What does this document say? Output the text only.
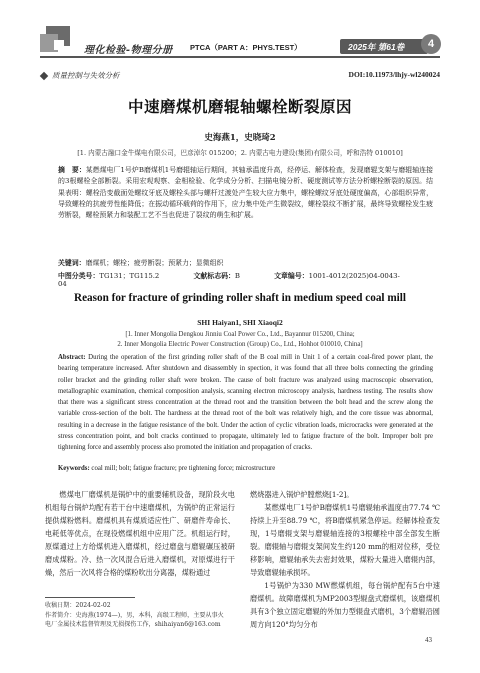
理化检验-物理分册 PTCA（PART A：PHYS.TEST）	2025年 第61卷	4
质量控制与失效分析	DOI:10.11973/lhjy-wl240024
中速磨煤机磨辊轴螺栓断裂原因
史海燕1，史晓琦2
[1. 内蒙古融口金牛煤电有限公司，巴彦淖尔 015200；2. 内蒙古电力建设(集团)有限公司，呼和浩特 010010]
摘　要：某燃煤电厂1号炉B磨煤机1号磨辊轴运行期间，其轴承温度升高，经停运、解体检查，发现磨辊支架与磨辊轴连接的3根螺栓全部断裂。采用宏观观察、金相检验、化学成分分析、扫描电镜分析、硬度测试等方法分析螺栓断裂的原因。结果表明：螺栓沿变截面处螺纹牙底及螺栓头部与螺杆过渡处产生较大应力集中，螺栓螺纹牙底处硬度偏高，心部组织异常，导致螺栓的抗疲劳性能降低；在振动循环载荷的作用下，应力集中处产生微裂纹，螺栓裂纹不断扩展，最终导致螺栓发生疲劳断裂，螺栓预紧力和装配工艺不当也促进了裂纹的萌生和扩展。
关键词：磨煤机；螺栓；疲劳断裂；预紧力；显微组织
中图分类号：TG131；TG115.2	文献标志码：B	文章编号：1001-4012(2025)04-0043-04
Reason for fracture of grinding roller shaft in medium speed coal mill
SHI Haiyan1, SHI Xiaoqi2
[1. Inner Mongolia Dengkou Jinniu Coal Power Co., Ltd., Bayannur 015200, China;
2. Inner Mongolia Electric Power Construction (Group) Co., Ltd., Hohhot 010010, China]
Abstract: During the operation of the first grinding roller shaft of the B coal mill in Unit 1 of a certain coal-fired power plant, the bearing temperature increased. After shutdown and disassembly in spection, it was found that all three bolts connecting the grinding roller bracket and the grinding roller shaft were broken. The cause of bolt fracture was analyzed using macroscopic observation, metallographic examination, chemical composition analysis, scanning electron microscopy analysis, hardness testing. The results show that there was a significant stress concentration at the thread root and the transition between the bolt head and the screw along the variable cross-section of the bolt. The hardness at the thread root of the bolt was relatively high, and the core tissue was abnormal, resulting in a decrease in the fatigue resistance of the bolt. Under the action of cyclic vibration loads, microcracks were generated at the stress concentration point, and bolt cracks continued to propagate, ultimately led to fatigue fracture of the bolt. Improper bolt pre tightening force and assembly process also promoted the initiation and propagation of cracks.
Keywords: coal mill; bolt; fatigue fracture; pre tightening force; microstructure

燃煤电厂磨煤机是锅炉中的重要辅机设备，现阶段火电机组每台锅炉均配有若干台中速磨煤机，为锅炉的正常运行提供煤粉燃料。磨煤机具有煤质适应性广、研磨件寿命长、电耗低等优点，在现役燃煤机组中应用广泛。机组运行时，原煤通过上方给煤机进入磨煤机，经过磨盘与磨辊碾压被研磨成煤粉。冷、热一次风混合后进入磨煤机，对原煤进行干燥，然后一次风将合格的煤粉吹出分离器，煤粉通过

燃烧器进入锅炉炉膛燃烧[1-2]。

某燃煤电厂1号炉B磨煤机1号磨辊轴承温度由77.74 ℃持续上升至88.79 ℃，将B磨煤机紧急停运。经解体检查发现，1号磨辊支架与磨辊轴连接的3根螺栓中部全部发生断裂。磨辊轴与磨辊支架间发生约120 mm的相对位移，受位移影响，磨辊轴承失去密封效果，煤粉大量进入磨辊内部，导致磨辊轴承损坏。

1号锅炉为330 MW燃煤机组，每台锅炉配有5台中速磨煤机。故障磨煤机为MP2003型辊盘式磨煤机，该磨煤机具有3个独立固定磨辊的外加力型辊盘式磨机，3个磨辊沿圆周方向120°均匀分布

收稿日期：2024-02-02
作者简介：史海燕(1974—)，男，本科，高级工程师，主要从事火
电厂金属技术监督管理及无损探伤工作，shihaiyan6@163.com
43
